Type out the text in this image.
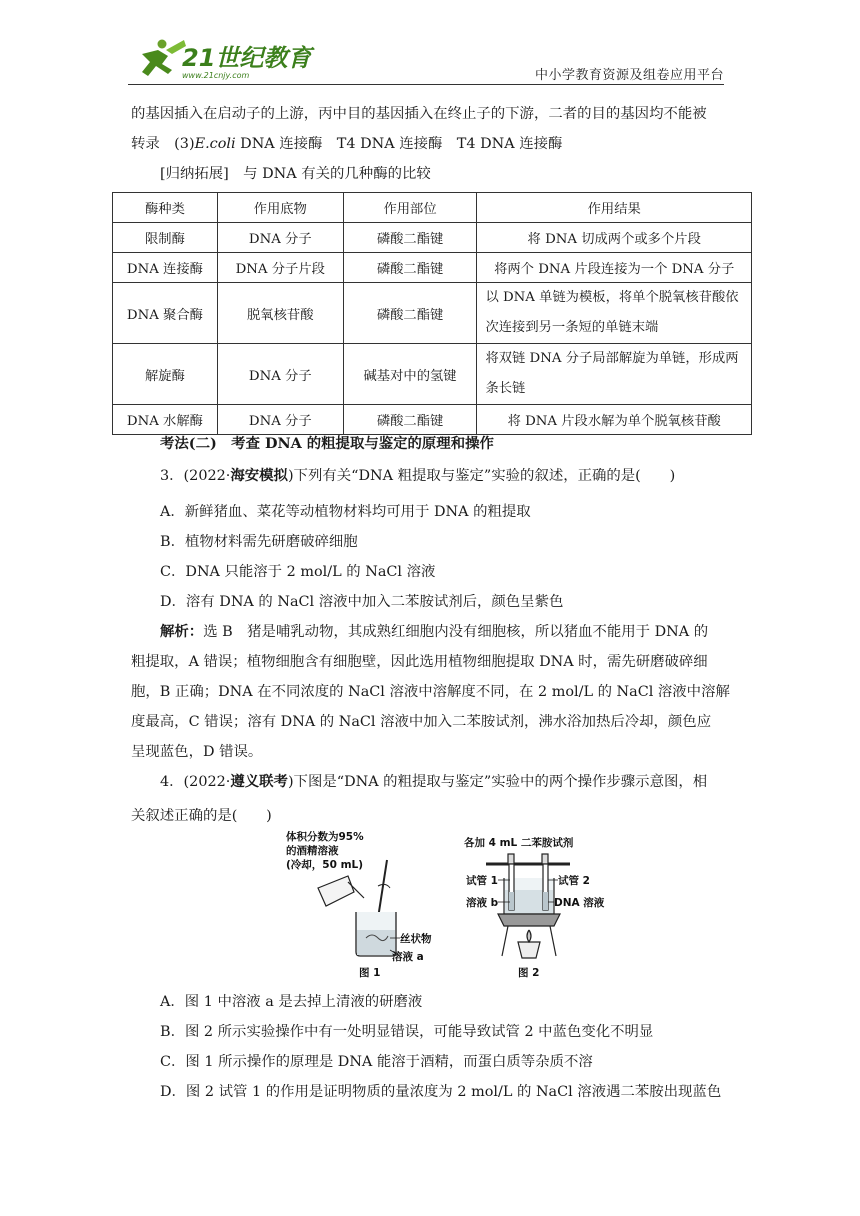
21世纪教育
www.21cnjy.com	中小学教育资源及组卷应用平台
的基因插入在启动子的上游，丙中目的基因插入在终止子的下游，二者的目的基因均不能被
转录　(3)E.coli DNA 连接酶　T4 DNA 连接酶　T4 DNA 连接酶
[归纳拓展]　与 DNA 有关的几种酶的比较
酶种类	作用底物	作用部位	作用结果
限制酶	DNA 分子	磷酸二酯键	将 DNA 切成两个或多个片段
DNA 连接酶	DNA 分子片段	磷酸二酯键	将两个 DNA 片段连接为一个 DNA 分子
DNA 聚合酶	脱氧核苷酸	磷酸二酯键	以 DNA 单链为模板，将单个脱氧核苷酸依次连接到另一条短的单链末端
解旋酶	DNA 分子	碱基对中的氢键	将双链 DNA 分子局部解旋为单链，形成两条长链
DNA 水解酶	DNA 分子	磷酸二酯键	将 DNA 片段水解为单个脱氧核苷酸
考法(二)　考查 DNA 的粗提取与鉴定的原理和操作
3．(2022·海安模拟)下列有关“DNA 粗提取与鉴定”实验的叙述，正确的是(　　)
A．新鲜猪血、菜花等动植物材料均可用于 DNA 的粗提取
B．植物材料需先研磨破碎细胞
C．DNA 只能溶于 2 mol/L 的 NaCl 溶液
D．溶有 DNA 的 NaCl 溶液中加入二苯胺试剂后，颜色呈紫色
解析：选 B　猪是哺乳动物，其成熟红细胞内没有细胞核，所以猪血不能用于 DNA 的
粗提取，A 错误；植物细胞含有细胞壁，因此选用植物细胞提取 DNA 时，需先研磨破碎细
胞，B 正确；DNA 在不同浓度的 NaCl 溶液中溶解度不同，在 2 mol/L 的 NaCl 溶液中溶解
度最高，C 错误；溶有 DNA 的 NaCl 溶液中加入二苯胺试剂，沸水浴加热后冷却，颜色应
呈现蓝色，D 错误。
4．(2022·遵义联考)下图是“DNA 的粗提取与鉴定”实验中的两个操作步骤示意图，相
关叙述正确的是(　　)
体积分数为95%
的酒精溶液
(冷却，50 mL)
丝状物
溶液 a
图 1
各加 4 mL 二苯胺试剂
试管 1	试管 2
溶液 b	DNA 溶液
图 2
A．图 1 中溶液 a 是去掉上清液的研磨液
B．图 2 所示实验操作中有一处明显错误，可能导致试管 2 中蓝色变化不明显
C．图 1 所示操作的原理是 DNA 能溶于酒精，而蛋白质等杂质不溶
D．图 2 试管 1 的作用是证明物质的量浓度为 2 mol/L 的 NaCl 溶液遇二苯胺出现蓝色
